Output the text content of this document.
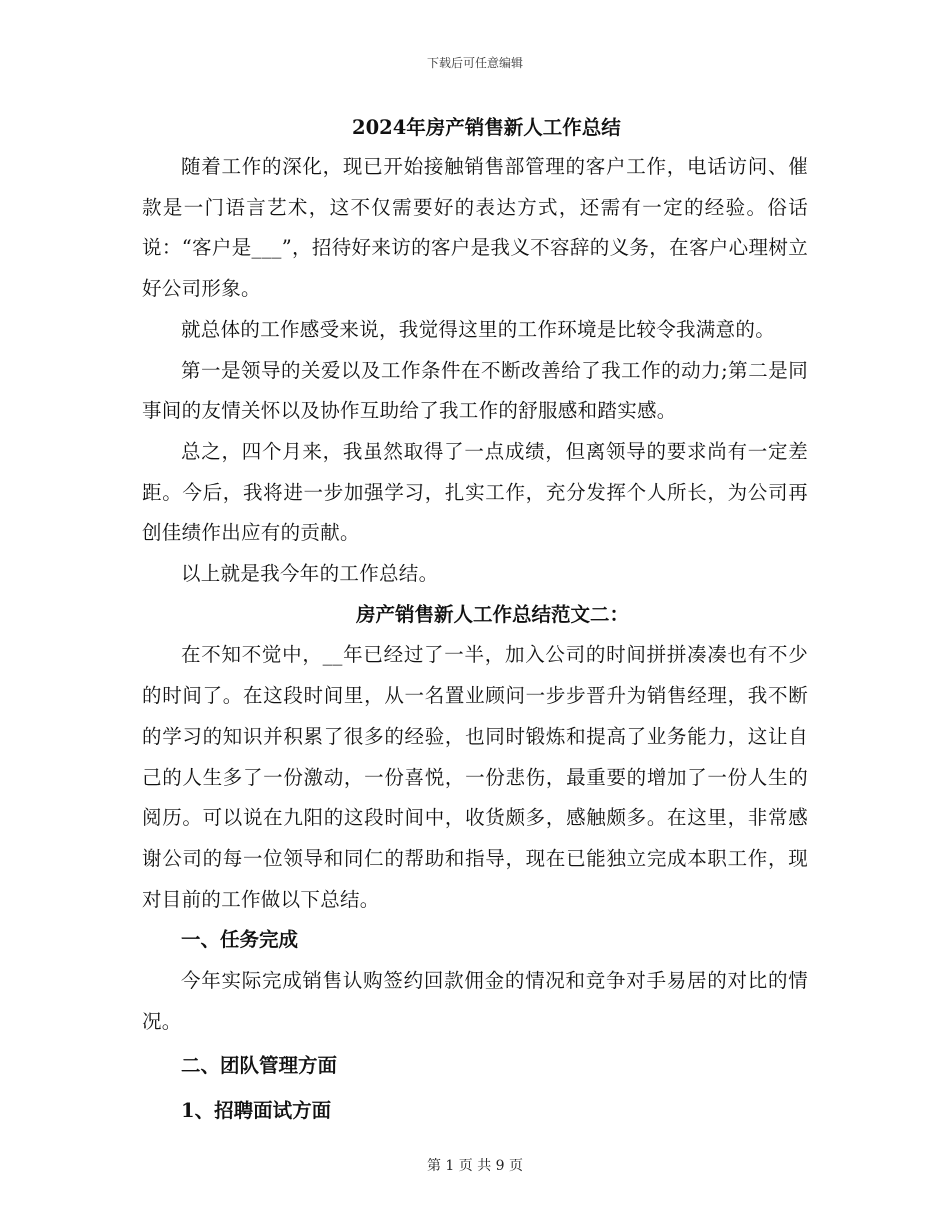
下载后可任意编辑
2024年房产销售新人工作总结

随着工作的深化，现已开始接触销售部管理的客户工作，电话访问、催款是一门语言艺术，这不仅需要好的表达方式，还需有一定的经验。俗话说：“客户是___”，招待好来访的客户是我义不容辞的义务，在客户心理树立好公司形象。

就总体的工作感受来说，我觉得这里的工作环境是比较令我满意的。

第一是领导的关爱以及工作条件在不断改善给了我工作的动力;第二是同事间的友情关怀以及协作互助给了我工作的舒服感和踏实感。

总之，四个月来，我虽然取得了一点成绩，但离领导的要求尚有一定差距。今后，我将进一步加强学习，扎实工作，充分发挥个人所长，为公司再创佳绩作出应有的贡献。

以上就是我今年的工作总结。

房产销售新人工作总结范文二：

在不知不觉中，__年已经过了一半，加入公司的时间拼拼凑凑也有不少的时间了。在这段时间里，从一名置业顾问一步步晋升为销售经理，我不断的学习的知识并积累了很多的经验，也同时锻炼和提高了业务能力，这让自己的人生多了一份激动，一份喜悦，一份悲伤，最重要的增加了一份人生的阅历。可以说在九阳的这段时间中，收货颇多，感触颇多。在这里，非常感谢公司的每一位领导和同仁的帮助和指导，现在已能独立完成本职工作，现对目前的工作做以下总结。

一、任务完成

今年实际完成销售认购签约回款佣金的情况和竞争对手易居的对比的情况。

二、团队管理方面
1、招聘面试方面
第 1 页 共 9 页
